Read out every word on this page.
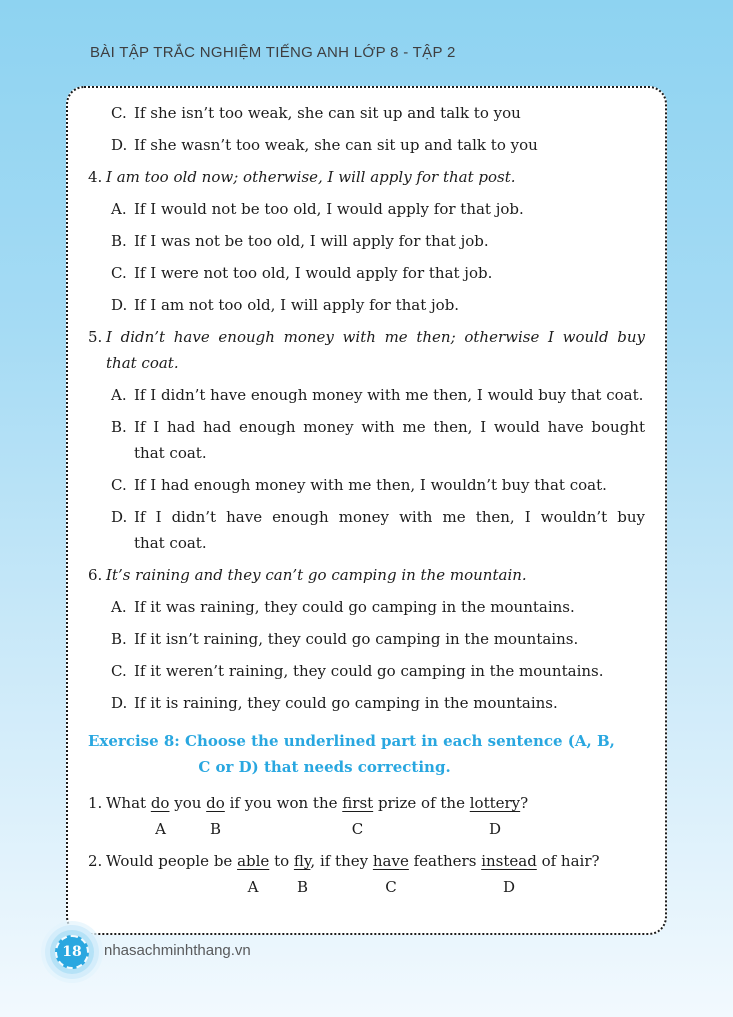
BÀI TẬP TRẮC NGHIỆM TIẾNG ANH LỚP 8 - TẬP 2
C. If she isn’t too weak, she can sit up and talk to you
D. If she wasn’t too weak, she can sit up and talk to you
4. I am too old now; otherwise, I will apply for that post.
A. If I would not be too old, I would apply for that job.
B. If I was not be too old, I will apply for that job.
C. If I were not too old, I would apply for that job.
D. If I am not too old, I will apply for that job.
5. I didn’t have enough money with me then; otherwise I would buy
that coat.
A. If I didn’t have enough money with me then, I would buy that coat.
B. If I had had enough money with me then, I would have bought
that coat.
C. If I had enough money with me then, I wouldn’t buy that coat.
D. If I didn’t have enough money with me then, I wouldn’t buy
that coat.
6. It’s raining and they can’t go camping in the mountain.
A. If it was raining, they could go camping in the mountains.
B. If it isn’t raining, they could go camping in the mountains.
C. If it weren’t raining, they could go camping in the mountains.
D. If it is raining, they could go camping in the mountains.
Exercise 8: Choose the underlined part in each sentence (A, B,
C or D) that needs correcting.
1. What do you do if you won the first prize of the lottery?
A	B	C	D
2. Would people be able to fly, if they have feathers instead of hair?
A	B	C	D
18 nhasachminhthang.vn
